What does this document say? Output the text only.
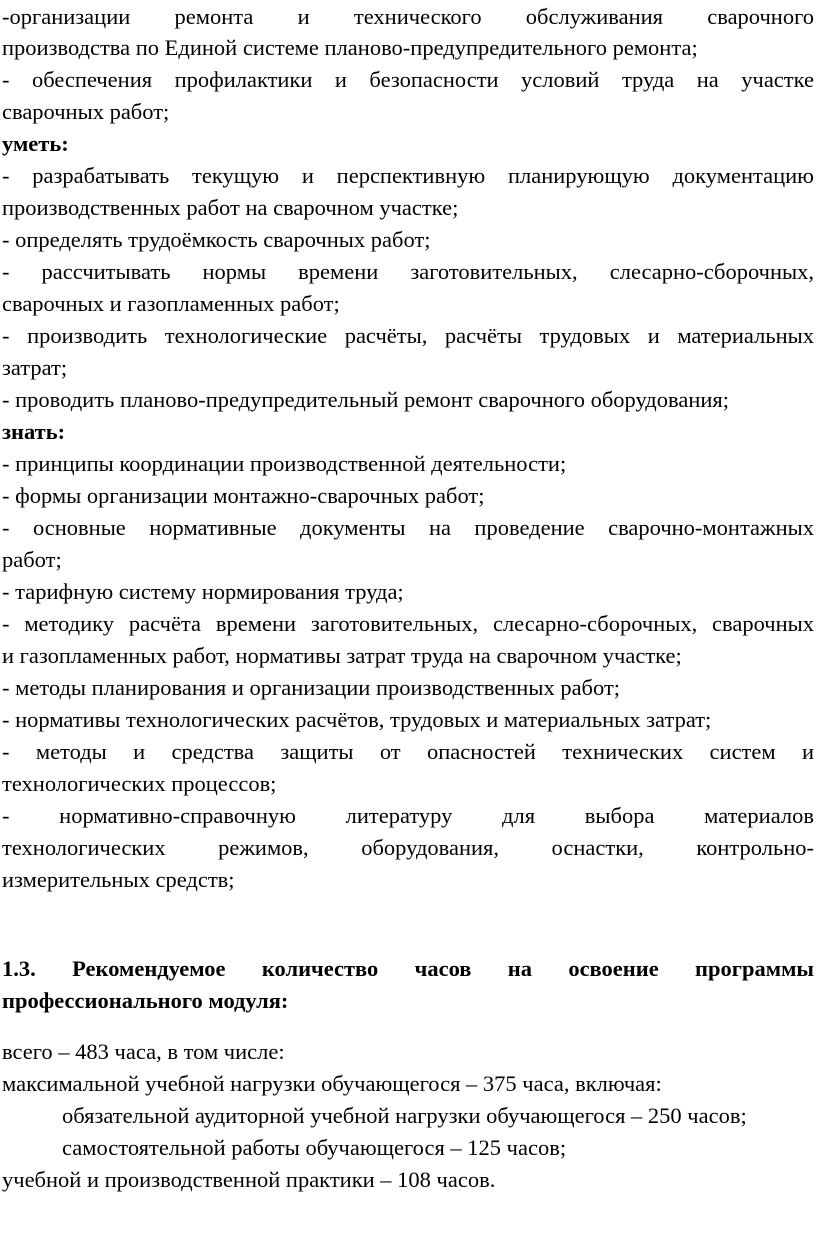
-организации ремонта и технического обслуживания сварочного
производства по Единой системе планово-предупредительного ремонта;
- обеспечения профилактики и безопасности условий труда на участке
сварочных работ;
уметь:
- разрабатывать текущую и перспективную планирующую документацию
производственных работ на сварочном участке;
- определять трудоёмкость сварочных работ;
- рассчитывать нормы времени заготовительных, слесарно-сборочных,
сварочных и газопламенных работ;
- производить технологические расчёты, расчёты трудовых и материальных
затрат;
- проводить планово-предупредительный ремонт сварочного оборудования;
знать:
- принципы координации производственной деятельности;
- формы организации монтажно-сварочных работ;
- основные нормативные документы на проведение сварочно-монтажных
работ;
- тарифную систему нормирования труда;
- методику расчёта времени заготовительных, слесарно-сборочных, сварочных
и газопламенных работ, нормативы затрат труда на сварочном участке;
- методы планирования и организации производственных работ;
- нормативы технологических расчётов, трудовых и материальных затрат;
- методы и средства защиты от опасностей технических систем и
технологических процессов;
- нормативно-справочную литературу для выбора материалов
технологических режимов, оборудования, оснастки, контрольно-
измерительных средств;
1.3. Рекомендуемое количество часов на освоение программы
профессионального модуля:
всего – 483 часа, в том числе:
максимальной учебной нагрузки обучающегося – 375 часа, включая:
обязательной аудиторной учебной нагрузки обучающегося – 250 часов;
самостоятельной работы обучающегося – 125 часов;
учебной и производственной практики – 108 часов.
